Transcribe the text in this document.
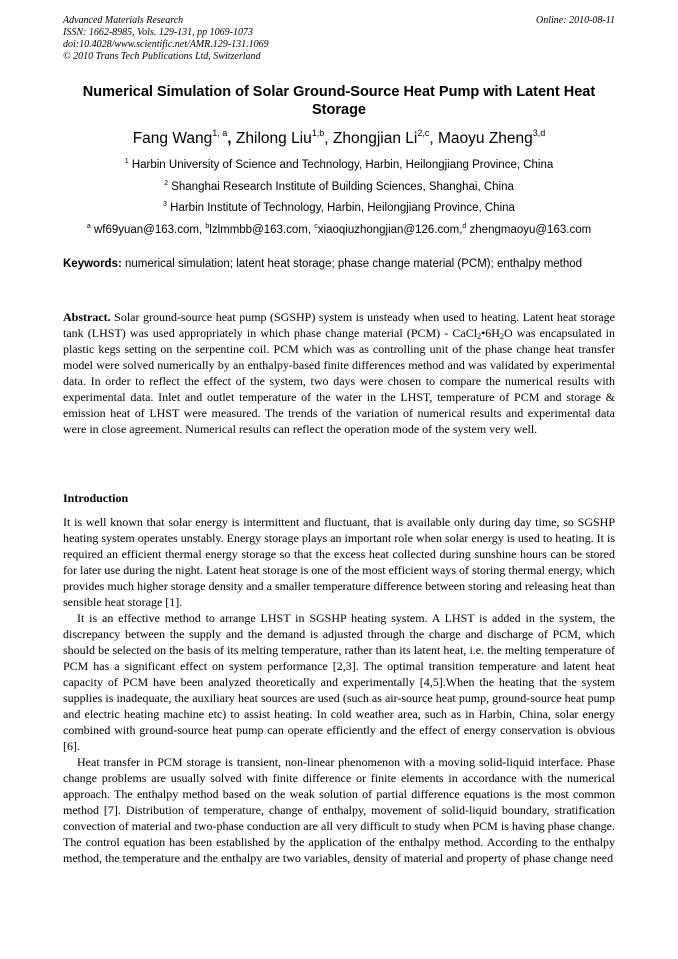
Advanced Materials Research
ISSN: 1662-8985, Vols. 129-131, pp 1069-1073
doi:10.4028/www.scientific.net/AMR.129-131.1069
© 2010 Trans Tech Publications Ltd, Switzerland
Online: 2010-08-11
Numerical Simulation of Solar Ground-Source Heat Pump with Latent Heat Storage
Fang Wang$^{1, a}$, Zhilong Liu$^{1,b}$, Zhongjian Li$^{2,c}$, Maoyu Zheng$^{3,d}$
$^1$ Harbin University of Science and Technology, Harbin, Heilongjiang Province, China
$^2$ Shanghai Research Institute of Building Sciences, Shanghai, China
$^3$ Harbin Institute of Technology, Harbin, Heilongjiang Province, China
$^a$ wf69yuan@163.com, $^b$lzlmmbb@163.com, $^c$xiaoqiuzhongjian@126.com,$^d$ zhengmaoyu@163.com
Keywords: numerical simulation; latent heat storage; phase change material (PCM); enthalpy method
Abstract. Solar ground-source heat pump (SGSHP) system is unsteady when used to heating. Latent heat storage tank (LHST) was used appropriately in which phase change material $(PCM) - CaCl_2•6H_2O$ was encapsulated in plastic kegs setting on the serpentine coil. PCM which was as controlling unit of the phase change heat transfer model were solved numerically by an enthalpy-based finite differences method and was validated by experimental data. In order to reflect the effect of the system, two days were chosen to compare the numerical results with experimental data. Inlet and outlet temperature of the water in the LHST, temperature of PCM and storage & emission heat of LHST were measured. The trends of the variation of numerical results and experimental data were in close agreement. Numerical results can reflect the operation mode of the system very well.
Introduction

It is well known that solar energy is intermittent and fluctuant, that is available only during day time, so SGSHP heating system operates unstably. Energy storage plays an important role when solar energy is used to heating. It is required an efficient thermal energy storage so that the excess heat collected during sunshine hours can be stored for later use during the night. Latent heat storage is one of the most efficient ways of storing thermal energy, which provides much higher storage density and a smaller temperature difference between storing and releasing heat than sensible heat storage [1].

It is an effective method to arrange LHST in SGSHP heating system. A LHST is added in the system, the discrepancy between the supply and the demand is adjusted through the charge and discharge of PCM, which should be selected on the basis of its melting temperature, rather than its latent heat, i.e. the melting temperature of PCM has a significant effect on system performance [2,3]. The optimal transition temperature and latent heat capacity of PCM have been analyzed theoretically and experimentally [4,5].When the heating that the system supplies is inadequate, the auxiliary heat sources are used (such as air-source heat pump, ground-source heat pump and electric heating machine etc) to assist heating. In cold weather area, such as in Harbin, China, solar energy combined with ground-source heat pump can operate efficiently and the effect of energy conservation is obvious [6].

Heat transfer in PCM storage is transient, non-linear phenomenon with a moving solid-liquid interface. Phase change problems are usually solved with finite difference or finite elements in accordance with the numerical approach. The enthalpy method based on the weak solution of partial difference equations is the most common method [7]. Distribution of temperature, change of enthalpy, movement of solid-liquid boundary, stratification convection of material and two-phase conduction are all very difficult to study when PCM is having phase change. The control equation has been established by the application of the enthalpy method. According to the enthalpy method, the temperature and the enthalpy are two variables, density of material and property of phase change need
